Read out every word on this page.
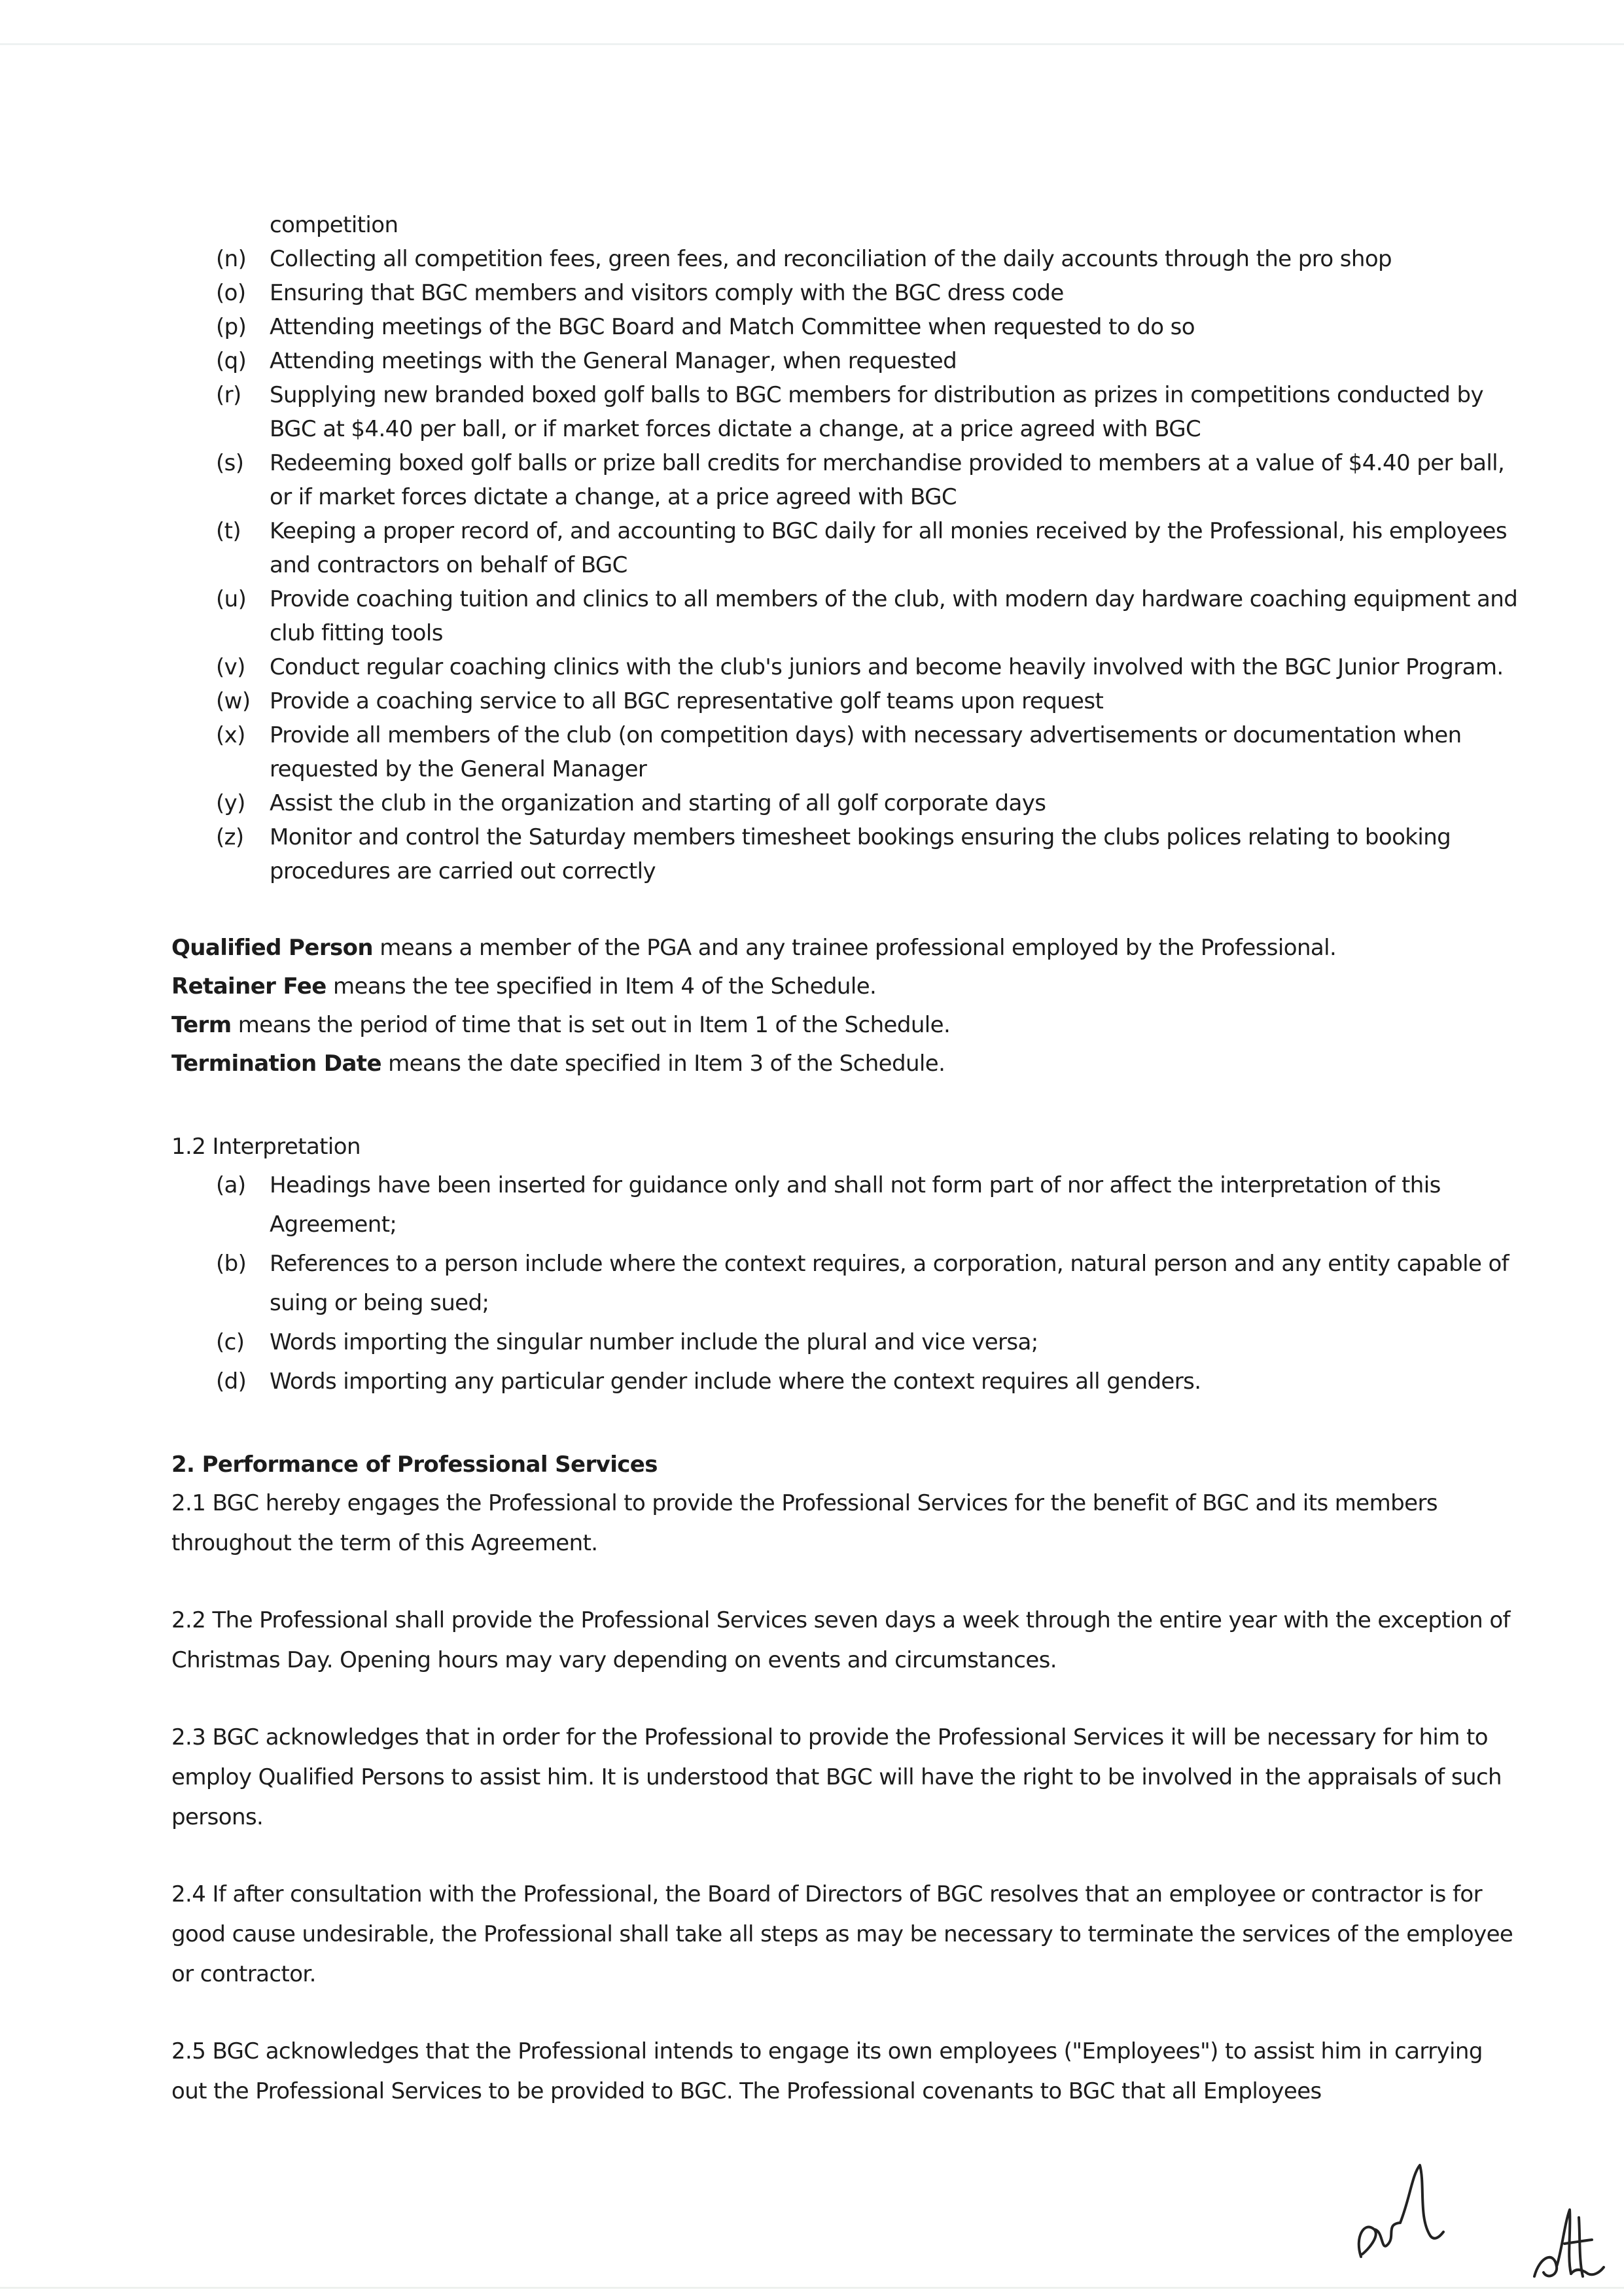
competition
(n) Collecting all competition fees, green fees, and reconciliation of the daily accounts through the pro shop
(o) Ensuring that BGC members and visitors comply with the BGC dress code
(p) Attending meetings of the BGC Board and Match Committee when requested to do so
(q) Attending meetings with the General Manager, when requested
(r) Supplying new branded boxed golf balls to BGC members for distribution as prizes in competitions conducted by BGC at $4.40 per ball, or if market forces dictate a change, at a price agreed with BGC
(s) Redeeming boxed golf balls or prize ball credits for merchandise provided to members at a value of $4.40 per ball, or if market forces dictate a change, at a price agreed with BGC
(t) Keeping a proper record of, and accounting to BGC daily for all monies received by the Professional, his employees and contractors on behalf of BGC
(u) Provide coaching tuition and clinics to all members of the club, with modern day hardware coaching equipment and club fitting tools
(v) Conduct regular coaching clinics with the club's juniors and become heavily involved with the BGC Junior Program.
(w) Provide a coaching service to all BGC representative golf teams upon request
(x) Provide all members of the club (on competition days) with necessary advertisements or documentation when requested by the General Manager
(y) Assist the club in the organization and starting of all golf corporate days
(z) Monitor and control the Saturday members timesheet bookings ensuring the clubs polices relating to booking procedures are carried out correctly
Qualified Person means a member of the PGA and any trainee professional employed by the Professional.
Retainer Fee means the tee specified in Item 4 of the Schedule.
Term means the period of time that is set out in Item 1 of the Schedule.
Termination Date means the date specified in Item 3 of the Schedule.
1.2 Interpretation
(a) Headings have been inserted for guidance only and shall not form part of nor affect the interpretation of this Agreement;
(b) References to a person include where the context requires, a corporation, natural person and any entity capable of suing or being sued;
(c) Words importing the singular number include the plural and vice versa;
(d) Words importing any particular gender include where the context requires all genders.
2. Performance of Professional Services
2.1 BGC hereby engages the Professional to provide the Professional Services for the benefit of BGC and its members throughout the term of this Agreement.
2.2 The Professional shall provide the Professional Services seven days a week through the entire year with the exception of Christmas Day. Opening hours may vary depending on events and circumstances.
2.3 BGC acknowledges that in order for the Professional to provide the Professional Services it will be necessary for him to employ Qualified Persons to assist him. It is understood that BGC will have the right to be involved in the appraisals of such persons.
2.4 If after consultation with the Professional, the Board of Directors of BGC resolves that an employee or contractor is for good cause undesirable, the Professional shall take all steps as may be necessary to terminate the services of the employee or contractor.
2.5 BGC acknowledges that the Professional intends to engage its own employees ("Employees") to assist him in carrying out the Professional Services to be provided to BGC. The Professional covenants to BGC that all Employees
